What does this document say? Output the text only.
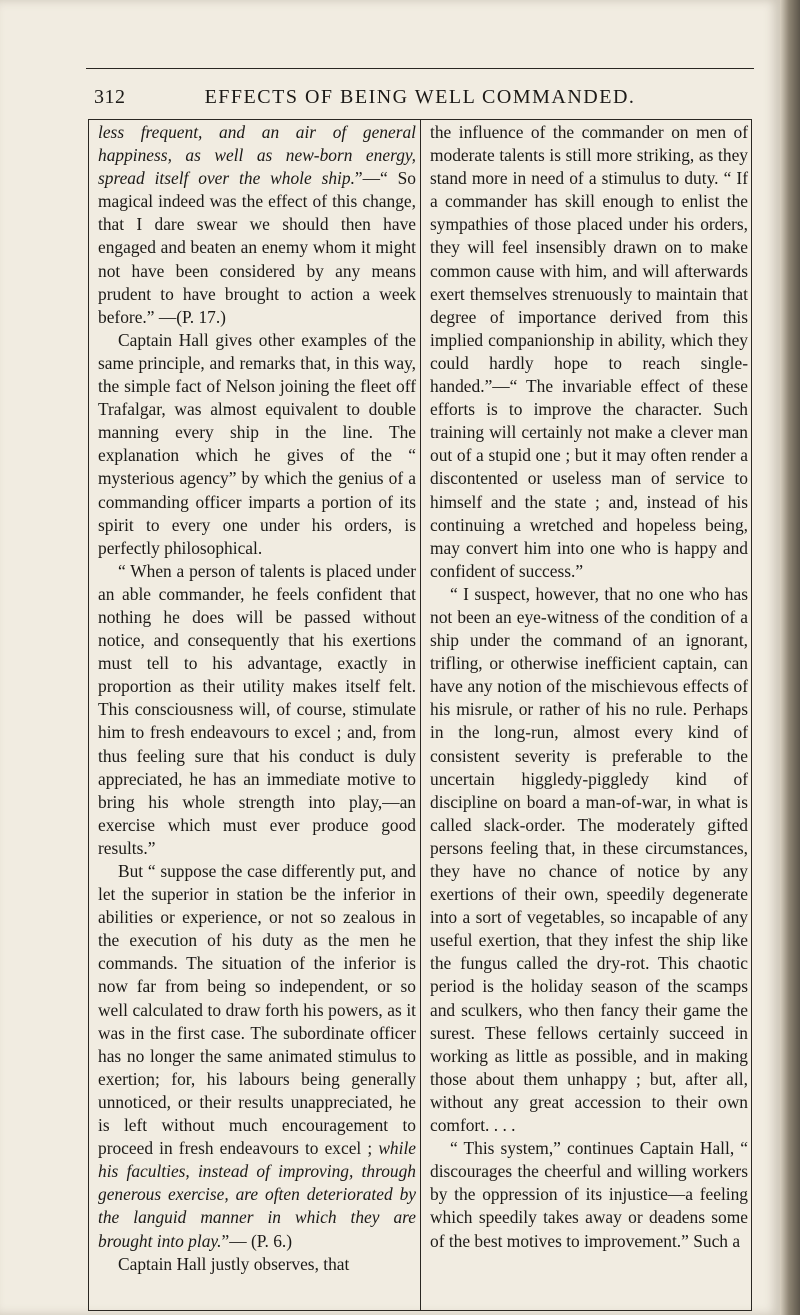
312	EFFECTS OF BEING WELL COMMANDED.

less frequent, and an air of general happiness, as well as new-born energy, spread itself over the whole ship.”—“ So magical indeed was the effect of this change, that I dare swear we should then have engaged and beaten an enemy whom it might not have been considered by any means prudent to have brought to action a week before.” —(P. 17.)

Captain Hall gives other examples of the same principle, and remarks that, in this way, the simple fact of Nelson joining the fleet off Trafalgar, was almost equivalent to double manning every ship in the line. The explanation which he gives of the “ mysterious agency” by which the genius of a commanding officer imparts a portion of its spirit to every one under his orders, is perfectly philosophical.

“ When a person of talents is placed under an able commander, he feels confident that nothing he does will be passed without notice, and consequently that his exertions must tell to his advantage, exactly in proportion as their utility makes itself felt. This consciousness will, of course, stimulate him to fresh endeavours to excel ; and, from thus feeling sure that his conduct is duly appreciated, he has an immediate motive to bring his whole strength into play,—an exercise which must ever produce good results.”

But “ suppose the case differently put, and let the superior in station be the inferior in abilities or experience, or not so zealous in the execution of his duty as the men he commands. The situation of the inferior is now far from being so independent, or so well calculated to draw forth his powers, as it was in the first case. The subordinate officer has no longer the same animated stimulus to exertion; for, his labours being generally unnoticed, or their results unappreciated, he is left without much encouragement to proceed in fresh endeavours to excel ; while his faculties, instead of improving, through generous exercise, are often deteriorated by the languid manner in which they are brought into play.”— (P. 6.)

Captain Hall justly observes, that

the influence of the commander on men of moderate talents is still more striking, as they stand more in need of a stimulus to duty. “ If a commander has skill enough to enlist the sympathies of those placed under his orders, they will feel insensibly drawn on to make common cause with him, and will afterwards exert themselves strenuously to maintain that degree of importance derived from this implied companionship in ability, which they could hardly hope to reach single-handed.”—“ The invariable effect of these efforts is to improve the character. Such training will certainly not make a clever man out of a stupid one ; but it may often render a discontented or useless man of service to himself and the state ; and, instead of his continuing a wretched and hopeless being, may convert him into one who is happy and confident of success.”

“ I suspect, however, that no one who has not been an eye-witness of the condition of a ship under the command of an ignorant, trifling, or otherwise inefficient captain, can have any notion of the mischievous effects of his misrule, or rather of his no rule. Perhaps in the long-run, almost every kind of consistent severity is preferable to the uncertain higgledy-piggledy kind of discipline on board a man-of-war, in what is called slack-order. The moderately gifted persons feeling that, in these circumstances, they have no chance of notice by any exertions of their own, speedily degenerate into a sort of vegetables, so incapable of any useful exertion, that they infest the ship like the fungus called the dry-rot. This chaotic period is the holiday season of the scamps and sculkers, who then fancy their game the surest. These fellows certainly succeed in working as little as possible, and in making those about them unhappy ; but, after all, without any great accession to their own comfort. . . .

“ This system,” continues Captain Hall, “ discourages the cheerful and willing workers by the oppression of its injustice—a feeling which speedily takes away or deadens some of the best motives to improvement.” Such a
